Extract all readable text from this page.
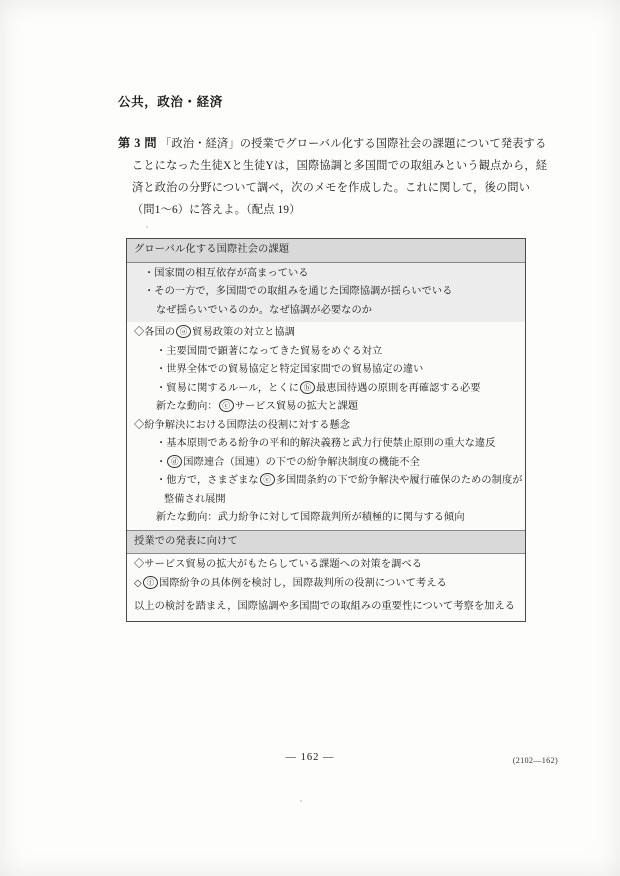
公共，政治・経済
第 3 問 「政治・経済」の授業でグローバル化する国際社会の課題について発表する
ことになった生徒Xと生徒Yは，国際協調と多国間での取組みという観点から，経
済と政治の分野について調べ，次のメモを作成した。これに関して，後の問い
（問1〜6）に答えよ。（配点 19）
グローバル化する国際社会の課題
・国家間の相互依存が高まっている
・その一方で，多国間での取組みを通じた国際協調が揺らいでいる
なぜ揺らいでいるのか。なぜ協調が必要なのか
◇各国の ⓐ 貿易政策の対立と協調
・主要国間で顕著になってきた貿易をめぐる対立
・世界全体での貿易協定と特定国家間での貿易協定の違い
・貿易に関するルール，とくに ⓑ 最恵国待遇の原則を再確認する必要
新たな動向： ⓒ サービス貿易の拡大と課題
◇紛争解決における国際法の役割に対する懸念
・基本原則である紛争の平和的解決義務と武力行使禁止原則の重大な違反
・ ⓓ 国際連合（国連）の下での紛争解決制度の機能不全
・他方で，さまざまな ⓔ 多国間条約の下で紛争解決や履行確保のための制度が
整備され展開
新たな動向：武力紛争に対して国際裁判所が積極的に関与する傾向
授業での発表に向けて
◇サービス貿易の拡大がもたらしている課題への対策を調べる
◇ ⓕ 国際紛争の具体例を検討し，国際裁判所の役割について考える
以上の検討を踏まえ，国際協調や多国間での取組みの重要性について考察を加える
— 162 —	(2102—162)
